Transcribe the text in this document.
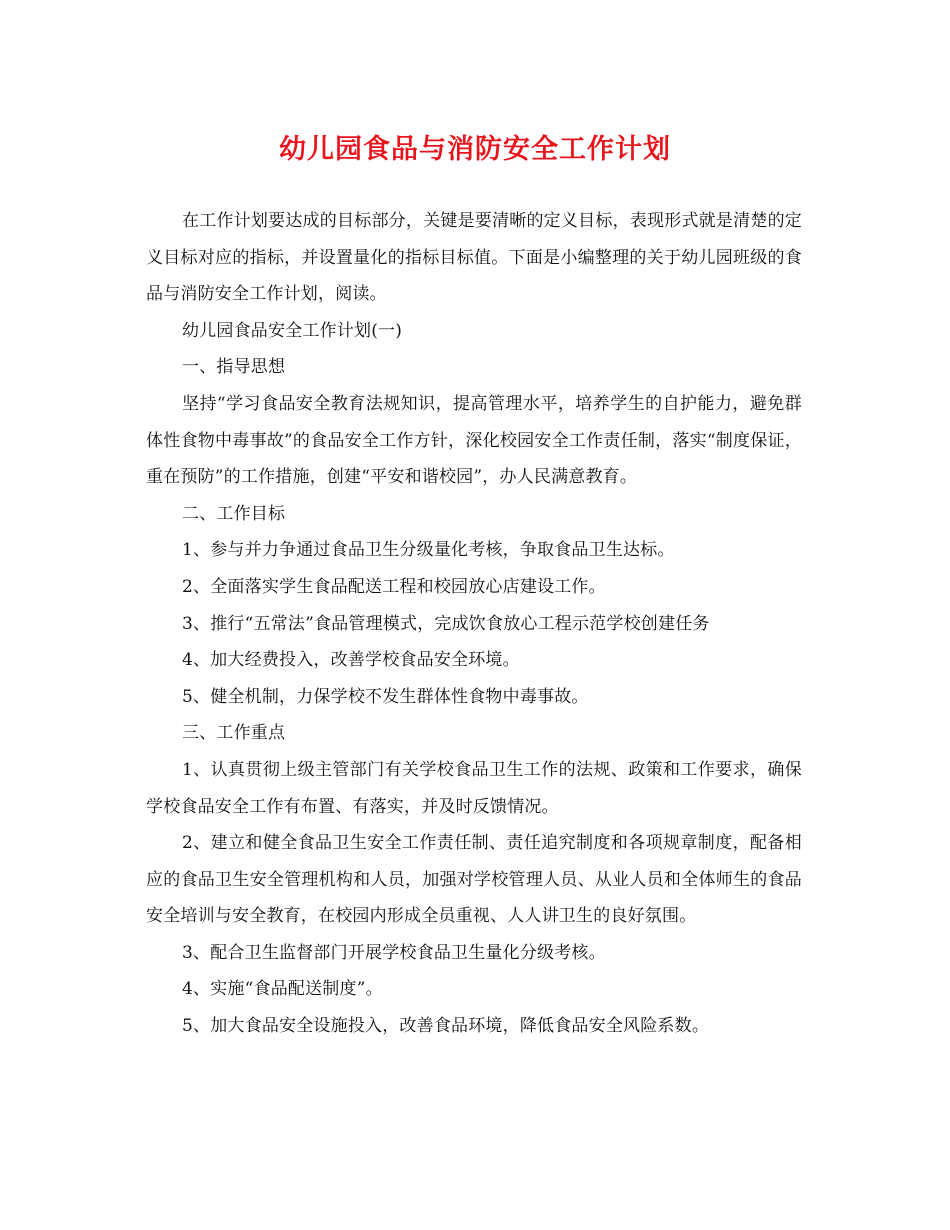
幼儿园食品与消防安全工作计划

在工作计划要达成的目标部分，关键是要清晰的定义目标，表现形式就是清楚的定义目标对应的指标，并设置量化的指标目标值。下面是小编整理的关于幼儿园班级的食品与消防安全工作计划，阅读。

幼儿园食品安全工作计划(一)

一、指导思想

坚持“学习食品安全教育法规知识，提高管理水平，培养学生的自护能力，避免群体性食物中毒事故”的食品安全工作方针，深化校园安全工作责任制，落实“制度保证，重在预防”的工作措施，创建“平安和谐校园”，办人民满意教育。

二、工作目标

1、参与并力争通过食品卫生分级量化考核，争取食品卫生达标。

2、全面落实学生食品配送工程和校园放心店建设工作。

3、推行“五常法”食品管理模式，完成饮食放心工程示范学校创建任务

4、加大经费投入，改善学校食品安全环境。

5、健全机制，力保学校不发生群体性食物中毒事故。

三、工作重点

1、认真贯彻上级主管部门有关学校食品卫生工作的法规、政策和工作要求，确保学校食品安全工作有布置、有落实，并及时反馈情况。

2、建立和健全食品卫生安全工作责任制、责任追究制度和各项规章制度，配备相应的食品卫生安全管理机构和人员，加强对学校管理人员、从业人员和全体师生的食品安全培训与安全教育，在校园内形成全员重视、人人讲卫生的良好氛围。

3、配合卫生监督部门开展学校食品卫生量化分级考核。

4、实施“食品配送制度”。

5、加大食品安全设施投入，改善食品环境，降低食品安全风险系数。
